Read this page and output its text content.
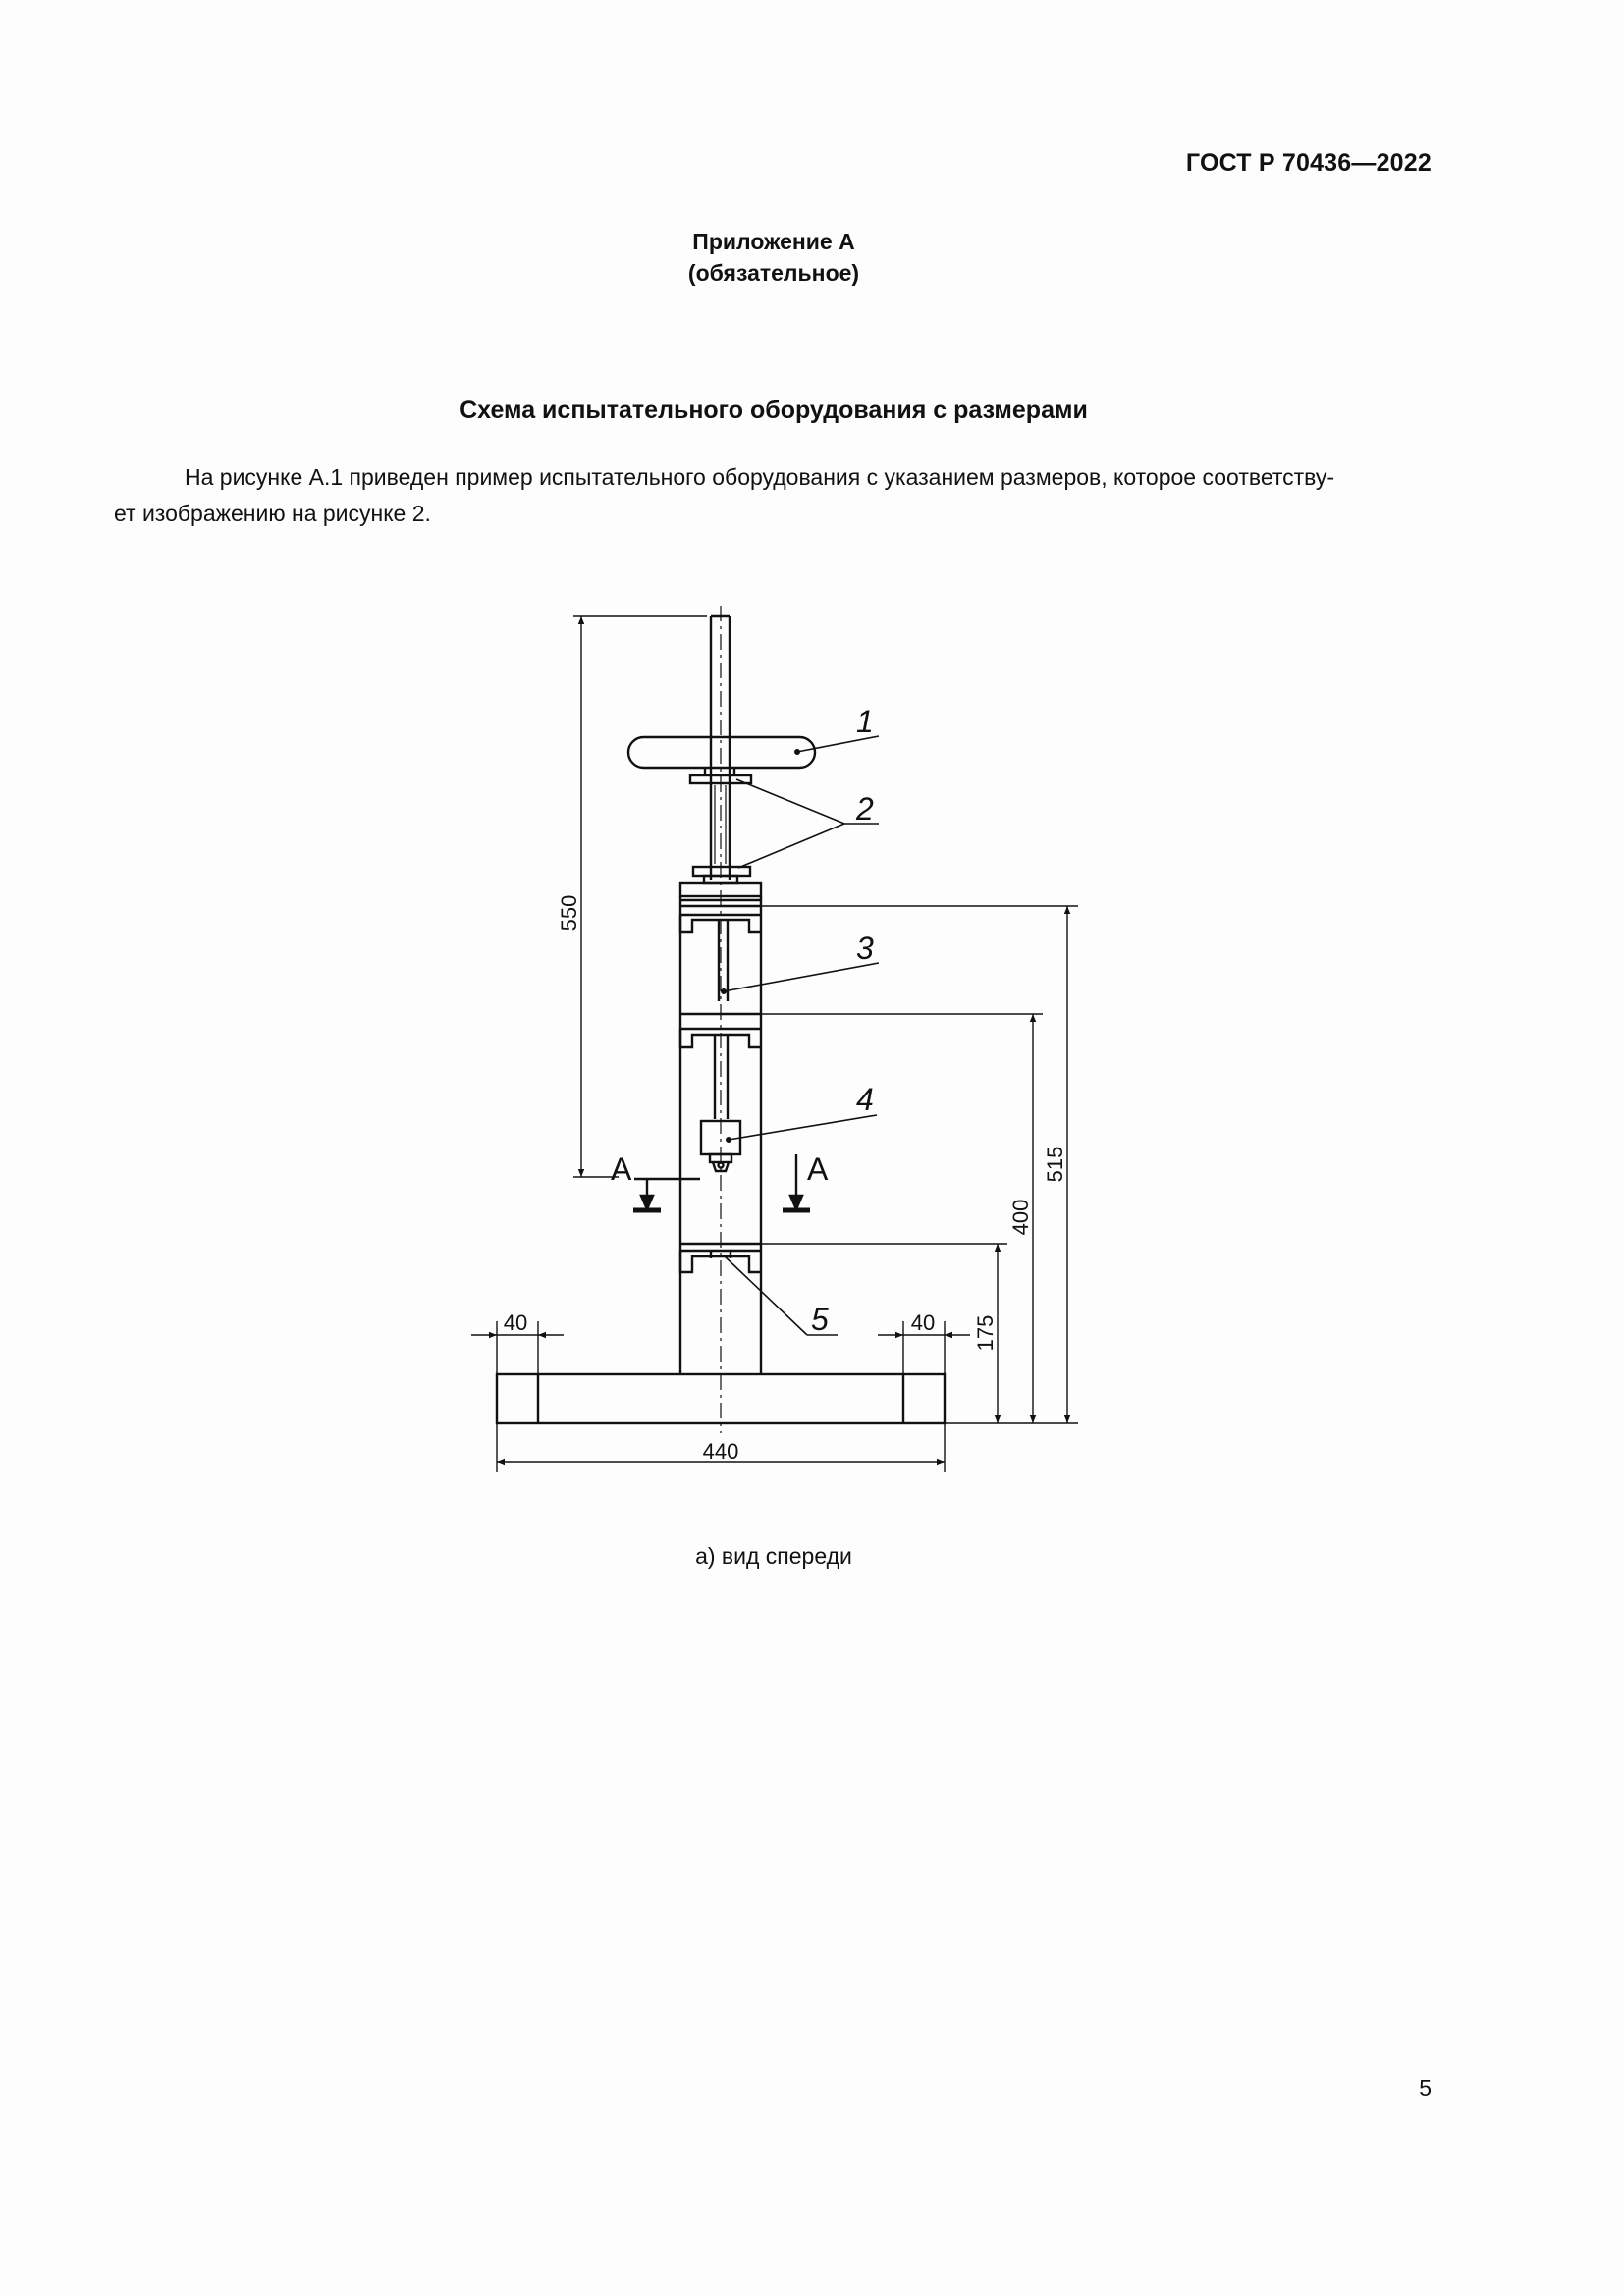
ГОСТ Р 70436—2022
Приложение А
(обязательное)
Схема испытательного оборудования с размерами
На рисунке А.1 приведен пример испытательного оборудования с указанием размеров, которое соответству-
ет изображению на рисунке 2.
А	А
1
2
3
4
5
550
515
400
175
440
40	40
а) вид спереди
5
